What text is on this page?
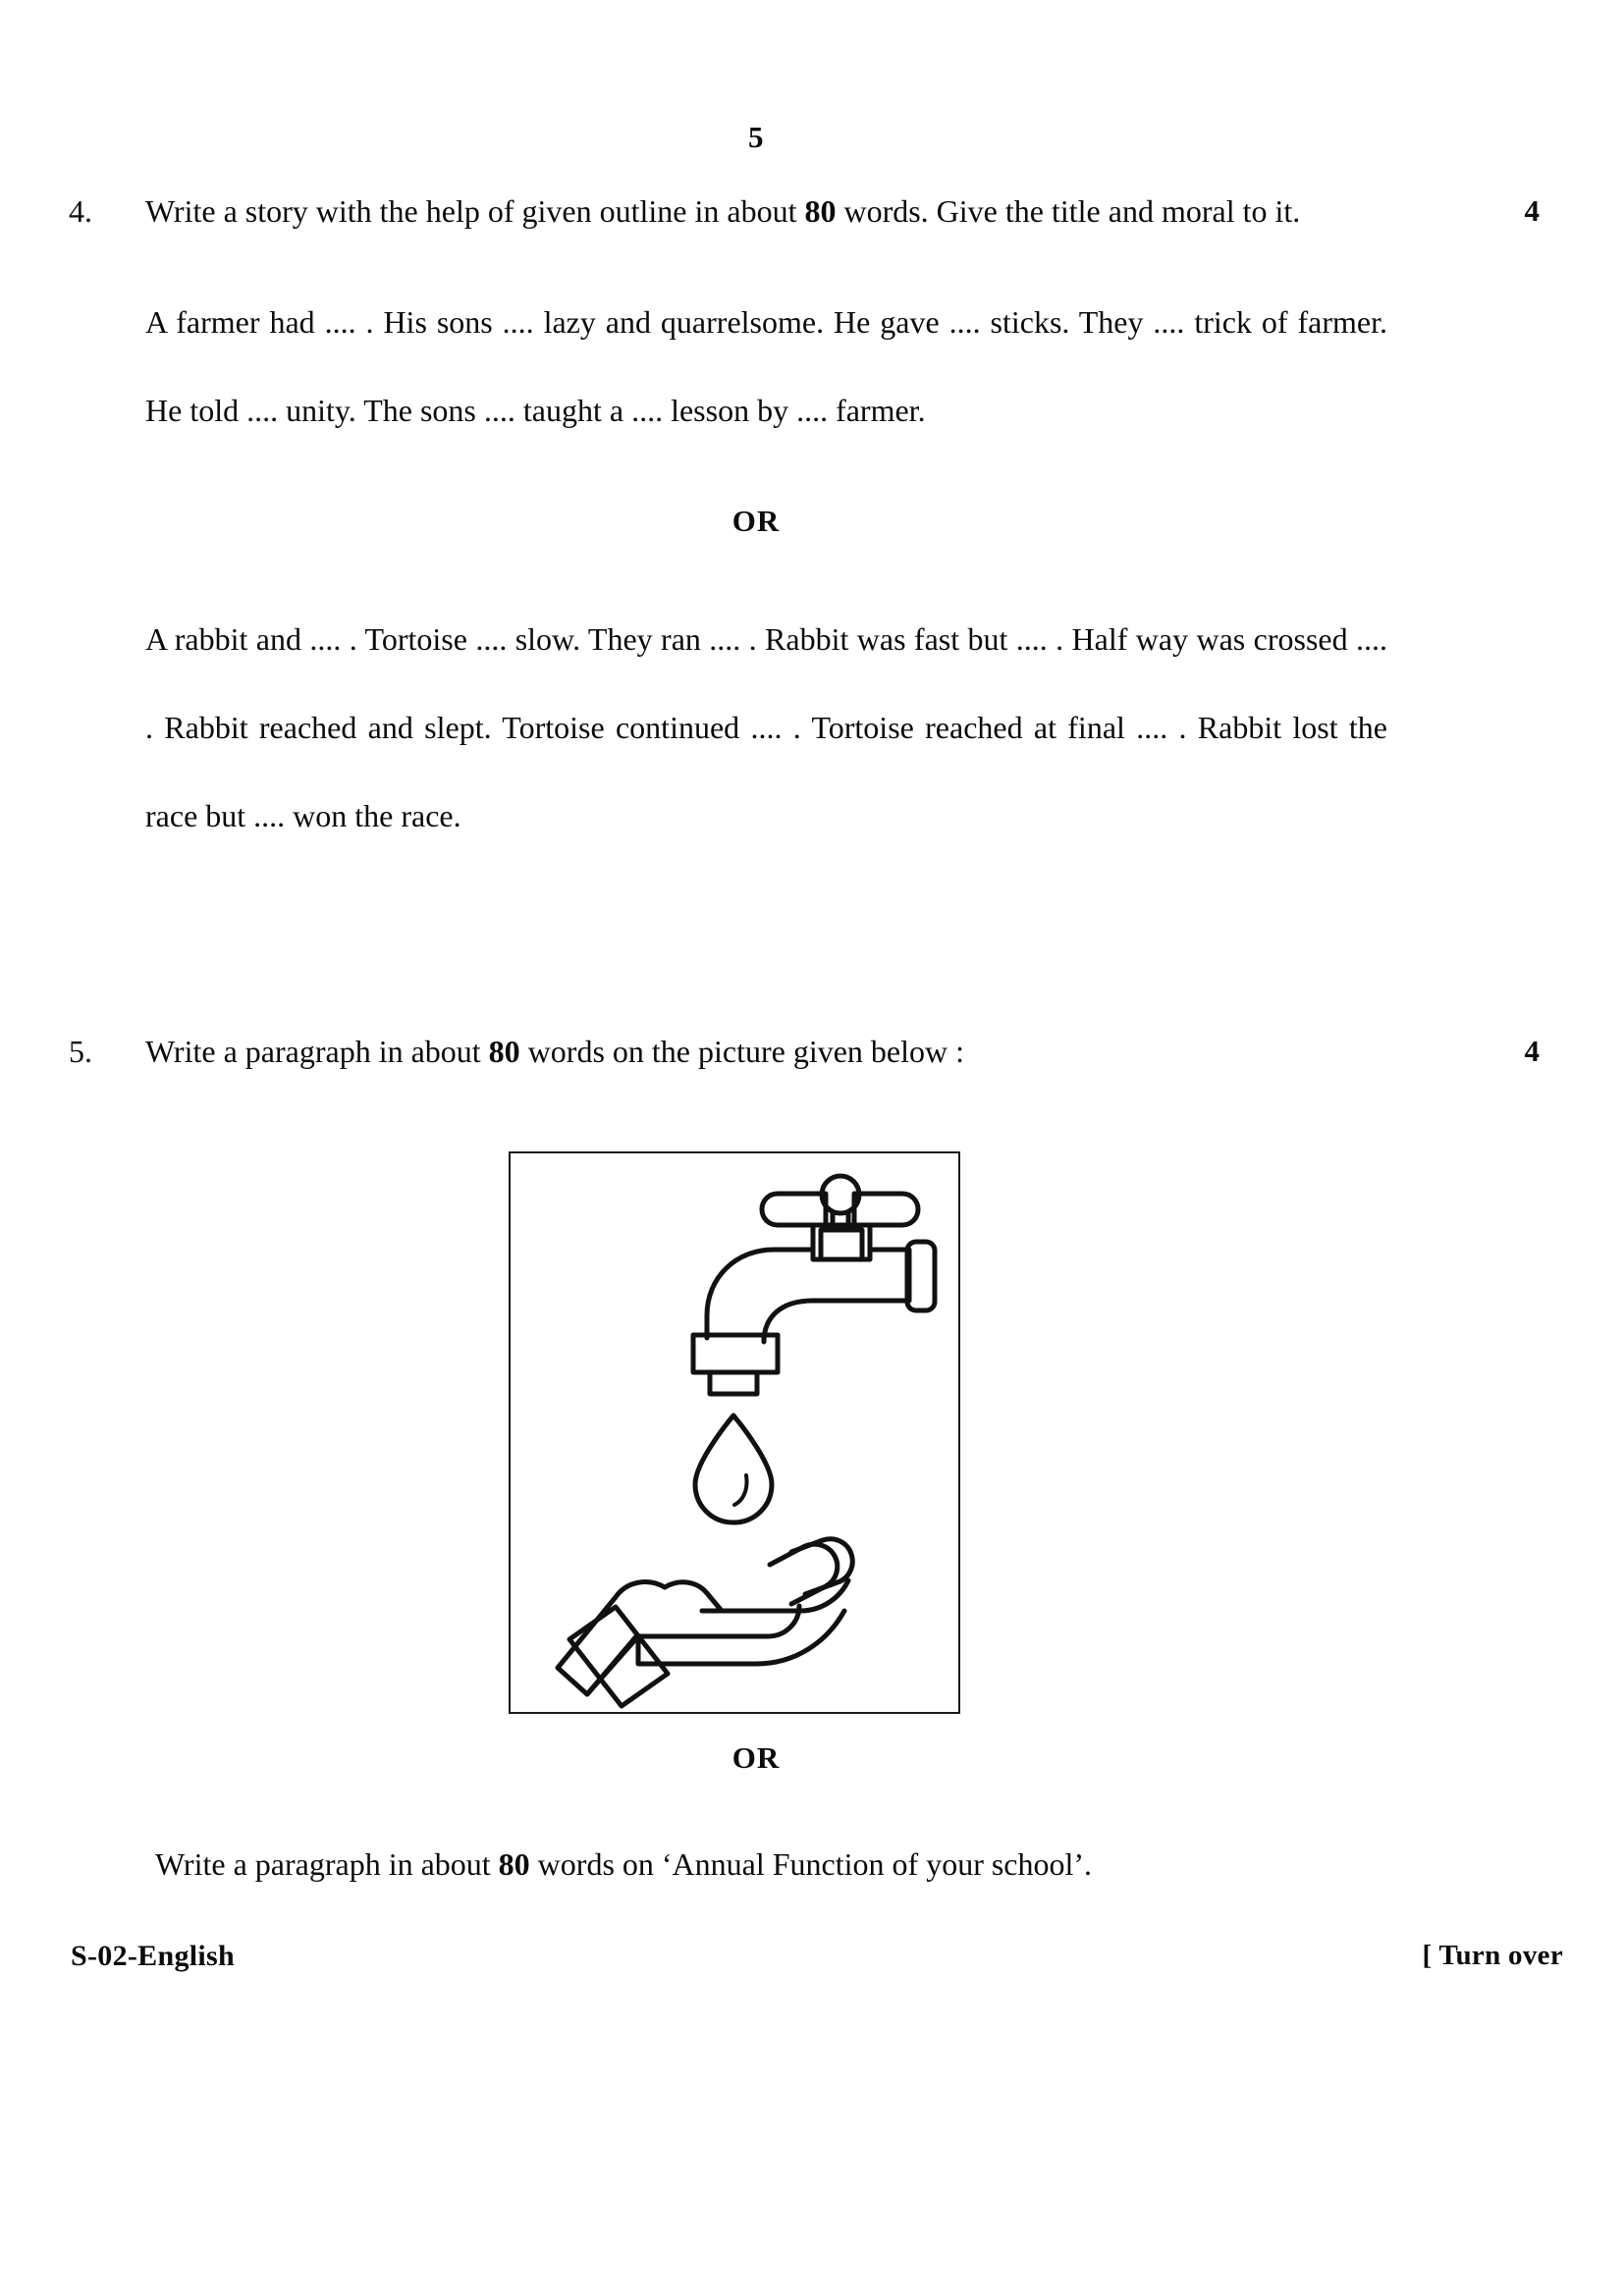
5
4.	Write a story with the help of given outline in about 80 words. Give the title and moral to it.	4
A farmer had .... . His sons .... lazy and quarrelsome. He gave .... sticks. They .... trick of farmer. He told .... unity. The sons .... taught a .... lesson by .... farmer.
OR
A rabbit and .... . Tortoise .... slow. They ran .... . Rabbit was fast but .... . Half way was crossed .... . Rabbit reached and slept. Tortoise continued .... . Tortoise reached at final .... . Rabbit lost the race but .... won the race.
5.	Write a paragraph in about 80 words on the picture given below :	4
OR
Write a paragraph in about 80 words on ‘Annual Function of your school’.
S-02-English	[ Turn over
